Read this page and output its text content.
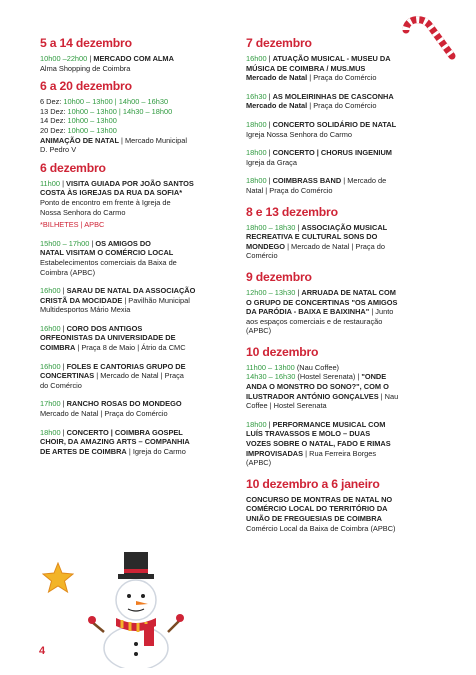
5 a 14 dezembro
10h00 –22h00 | MERCADO COM ALMA
Alma Shopping de Coimbra
6 a 20 dezembro
6 Dez: 10h00 – 13h00 | 14h00 – 16h30
13 Dez: 10h00 – 13h00 | 14h30 – 18h00
14 Dez: 10h00 – 13h00
20 Dez: 10h00 – 13h00
ANIMAÇÃO DE NATAL | Mercado Municipal
D. Pedro V
6 dezembro
11h00 | VISITA GUIADA POR JOÃO SANTOS
COSTA ÀS IGREJAS DA RUA DA SOFIA*
Ponto de encontro em frente à Igreja de
Nossa Senhora do Carmo
*BILHETES | APBC
15h00 – 17h00 | OS AMIGOS DO
NATAL VISITAM O COMÉRCIO LOCAL
Estabelecimentos comerciais da Baixa de
Coimbra (APBC)
16h00 | SARAU DE NATAL DA ASSOCIAÇÃO
CRISTÃ DA MOCIDADE | Pavilhão Municipal
Multidesportos Mário Mexia
16h00 | CORO DOS ANTIGOS
ORFEONISTAS DA UNIVERSIDADE DE
COIMBRA | Praça 8 de Maio | Átrio da CMC
16h00 | FOLES E CANTORIAS GRUPO DE
CONCERTINAS | Mercado de Natal | Praça
do Comércio
17h00 | RANCHO ROSAS DO MONDEGO
Mercado de Natal | Praça do Comércio
18h00 | CONCERTO | COIMBRA GOSPEL
CHOIR, DA AMAZING ARTS – COMPANHIA
DE ARTES DE COIMBRA | Igreja do Carmo
7 dezembro
16h00 | ATUAÇÃO MUSICAL - MUSEU DA
MÚSICA DE COIMBRA / MUS.MUS
Mercado de Natal | Praça do Comércio
16h30 | AS MOLEIRINHAS DE CASCONHA
Mercado de Natal | Praça do Comércio
18h00 | CONCERTO SOLIDÁRIO DE NATAL
Igreja Nossa Senhora do Carmo
18h00 | CONCERTO | CHORUS INGENIUM
Igreja da Graça
18h00 | COIMBRASS BAND | Mercado de
Natal | Praça do Comércio
8 e 13 dezembro
18h00 – 18h30 | ASSOCIAÇÃO MUSICAL
RECREATIVA E CULTURAL SONS DO
MONDEGO | Mercado de Natal | Praça do
Comércio
9 dezembro
12h00 – 13h30 | ARRUADA DE NATAL COM
O GRUPO DE CONCERTINAS "OS AMIGOS
DA PARÓDIA - BAIXA E BAIXINHA" | Junto
aos espaços comerciais e de restauração
(APBC)
10 dezembro
11h00 – 13h00 (Nau Coffee)
14h30 – 16h30 (Hostel Serenata) | "ONDE
ANDA O MONSTRO DO SONO?", COM O
ILUSTRADOR ANTÓNIO GONÇALVES | Nau
Coffee | Hostel Serenata
18h00 | PERFORMANCE MUSICAL COM
LUÍS TRAVASSOS E MOLO – DUAS
VOZES SOBRE O NATAL, FADO E RIMAS
IMPROVISADAS | Rua Ferreira Borges
(APBC)
10 dezembro a 6 janeiro
CONCURSO DE MONTRAS DE NATAL NO
COMÉRCIO LOCAL DO TERRITÓRIO DA
UNIÃO DE FREGUESIAS DE COIMBRA
Comércio Local da Baixa de Coimbra (APBC)
4
